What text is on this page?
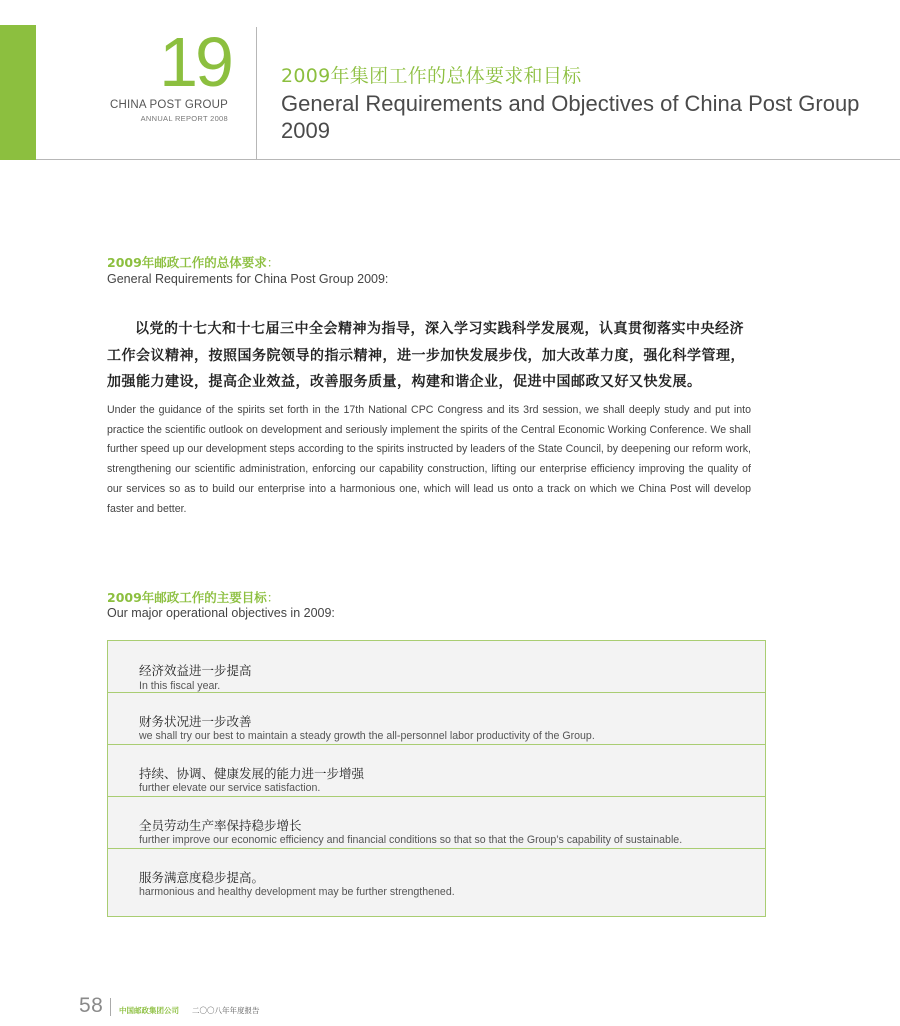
19
CHINA POST GROUP
ANNUAL REPORT 2008
2009年集团工作的总体要求和目标
General Requirements and Objectives of China Post Group 2009
2009年邮政工作的总体要求：
General Requirements for China Post Group 2009:
以党的十七大和十七届三中全会精神为指导，深入学习实践科学发展观，认真贯彻落实中央经济工作会议精神，按照国务院领导的指示精神，进一步加快发展步伐，加大改革力度，强化科学管理，加强能力建设，提高企业效益，改善服务质量，构建和谐企业，促进中国邮政又好又快发展。
Under the guidance of the spirits set forth in the 17th National CPC Congress and its 3rd session, we shall deeply study and put into practice the scientific outlook on development and seriously implement the spirits of the Central Economic Working Conference. We shall further speed up our development steps according to the spirits instructed by leaders of the State Council, by deepening our reform work, strengthening our scientific administration, enforcing our capability construction, lifting our enterprise efficiency improving the quality of our services so as to build our enterprise into a harmonious one, which will lead us onto a track on which we China Post will develop faster and better.
2009年邮政工作的主要目标：
Our major operational objectives in 2009:
经济效益进一步提高
In this fiscal year.
财务状况进一步改善
we shall try our best to maintain a steady growth the all-personnel labor productivity of the Group.
持续、协调、健康发展的能力进一步增强
further elevate our service satisfaction.
全员劳动生产率保持稳步增长
further improve our economic efficiency and financial conditions so that so that the Group’s capability of sustainable.
服务满意度稳步提高。
harmonious and healthy development may be further strengthened.
58 中国邮政集团公司 二〇〇八年年度报告
